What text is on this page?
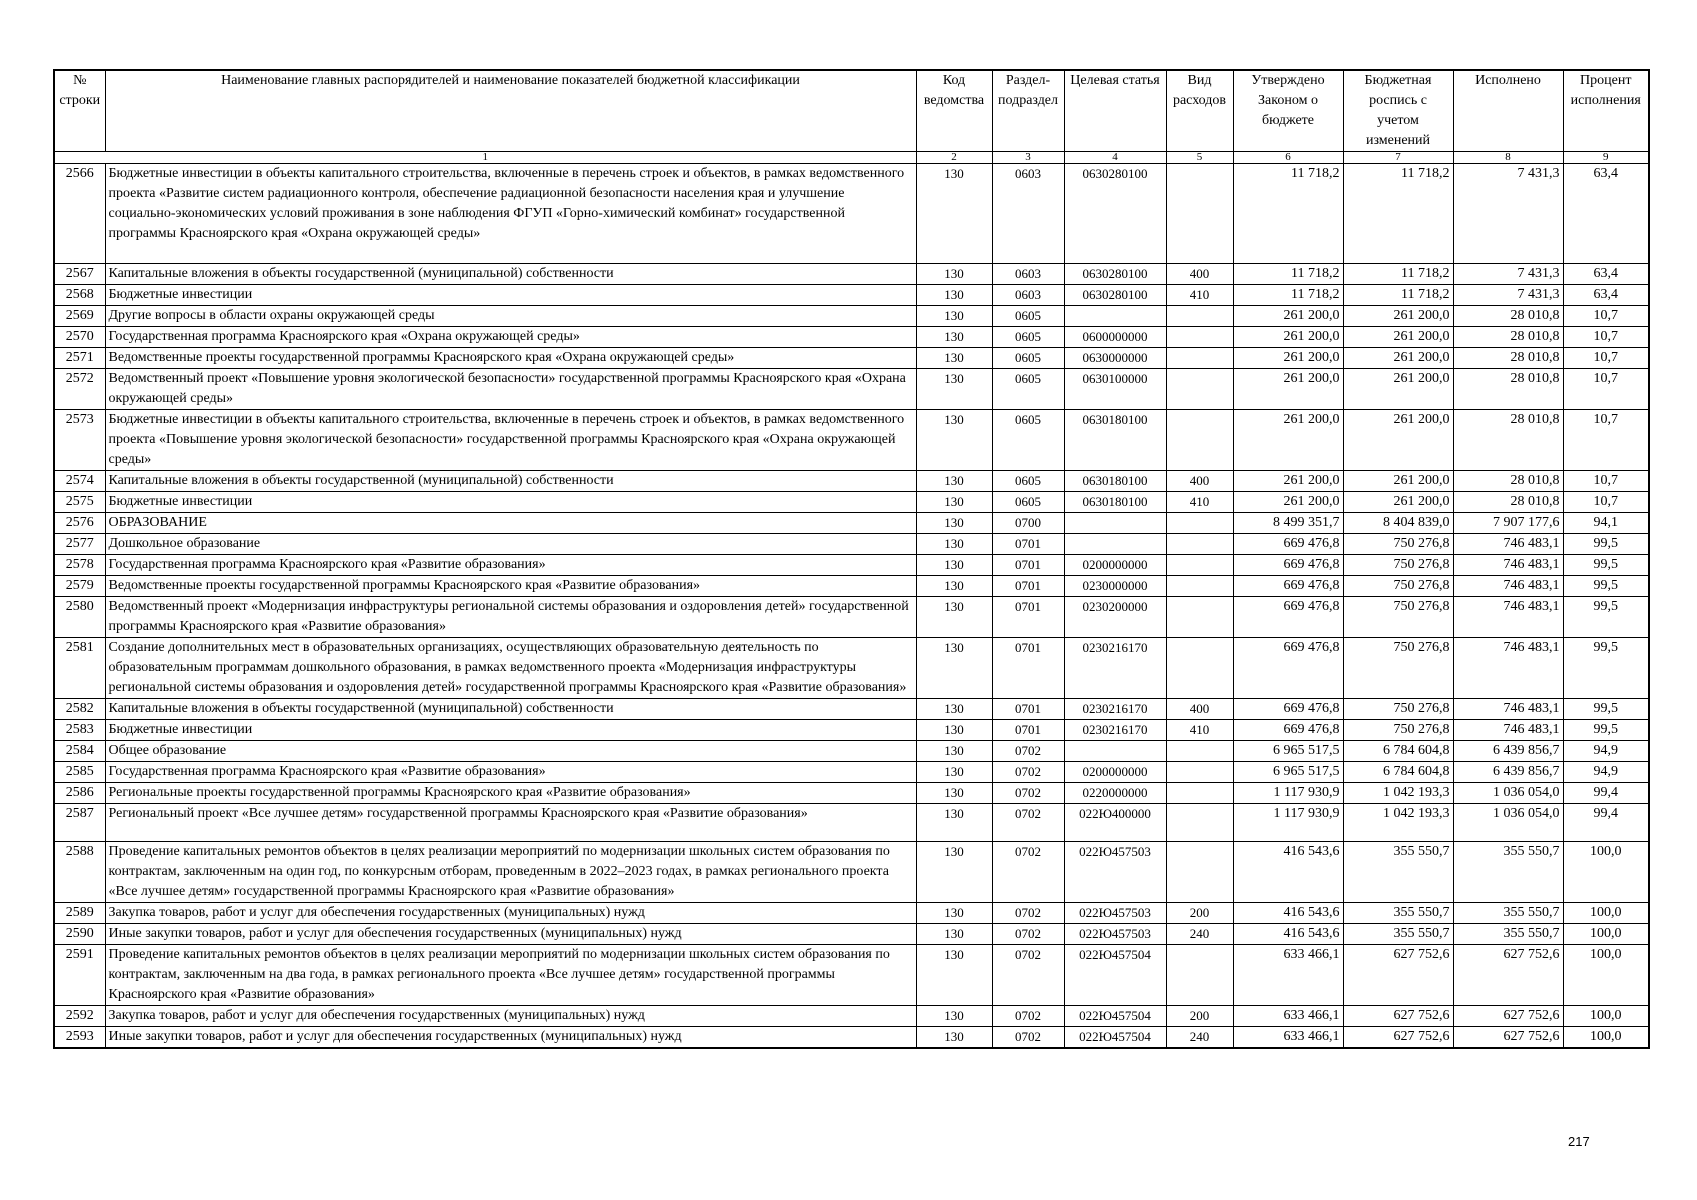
№ строки	Наименование главных распорядителей и наименование показателей бюджетной классификации	Код ведомства	Раздел-подраздел	Целевая статья	Вид расходов	Утверждено Законом о бюджете	Бюджетная роспись с учетом изменений	Исполнено	Процент исполнения
1		2	3	4	5	6	7	8	9
2566	Бюджетные инвестиции в объекты капитального строительства, включенные в перечень строек и объектов, в рамках ведомственного проекта «Развитие систем радиационного контроля, обеспечение радиационной безопасности населения края и улучшение социально-экономических условий проживания в зоне наблюдения ФГУП «Горно-химический комбинат» государственной программы Красноярского края «Охрана окружающей среды»	130	0603	0630280100		11 718,2	11 718,2	7 431,3	63,4
2567	Капитальные вложения в объекты государственной (муниципальной) собственности	130	0603	0630280100	400	11 718,2	11 718,2	7 431,3	63,4
2568	Бюджетные инвестиции	130	0603	0630280100	410	11 718,2	11 718,2	7 431,3	63,4
2569	Другие вопросы в области охраны окружающей среды	130	0605			261 200,0	261 200,0	28 010,8	10,7
2570	Государственная программа Красноярского края «Охрана окружающей среды»	130	0605	0600000000		261 200,0	261 200,0	28 010,8	10,7
2571	Ведомственные проекты государственной программы Красноярского края «Охрана окружающей среды»	130	0605	0630000000		261 200,0	261 200,0	28 010,8	10,7
2572	Ведомственный проект «Повышение уровня экологической безопасности» государственной программы Красноярского края «Охрана окружающей среды»	130	0605	0630100000		261 200,0	261 200,0	28 010,8	10,7
2573	Бюджетные инвестиции в объекты капитального строительства, включенные в перечень строек и объектов, в рамках ведомственного проекта «Повышение уровня экологической безопасности» государственной программы Красноярского края «Охрана окружающей среды»	130	0605	0630180100		261 200,0	261 200,0	28 010,8	10,7
2574	Капитальные вложения в объекты государственной (муниципальной) собственности	130	0605	0630180100	400	261 200,0	261 200,0	28 010,8	10,7
2575	Бюджетные инвестиции	130	0605	0630180100	410	261 200,0	261 200,0	28 010,8	10,7
2576	ОБРАЗОВАНИЕ	130	0700			8 499 351,7	8 404 839,0	7 907 177,6	94,1
2577	Дошкольное образование	130	0701			669 476,8	750 276,8	746 483,1	99,5
2578	Государственная программа Красноярского края «Развитие образования»	130	0701	0200000000		669 476,8	750 276,8	746 483,1	99,5
2579	Ведомственные проекты государственной программы Красноярского края «Развитие образования»	130	0701	0230000000		669 476,8	750 276,8	746 483,1	99,5
2580	Ведомственный проект «Модернизация инфраструктуры региональной системы образования и оздоровления детей» государственной программы Красноярского края «Развитие образования»	130	0701	0230200000		669 476,8	750 276,8	746 483,1	99,5
2581	Создание дополнительных мест в образовательных организациях, осуществляющих образовательную деятельность по образовательным программам дошкольного образования, в рамках ведомственного проекта «Модернизация инфраструктуры региональной системы образования и оздоровления детей» государственной программы Красноярского края «Развитие образования»	130	0701	0230216170		669 476,8	750 276,8	746 483,1	99,5
2582	Капитальные вложения в объекты государственной (муниципальной) собственности	130	0701	0230216170	400	669 476,8	750 276,8	746 483,1	99,5
2583	Бюджетные инвестиции	130	0701	0230216170	410	669 476,8	750 276,8	746 483,1	99,5
2584	Общее образование	130	0702			6 965 517,5	6 784 604,8	6 439 856,7	94,9
2585	Государственная программа Красноярского края «Развитие образования»	130	0702	0200000000		6 965 517,5	6 784 604,8	6 439 856,7	94,9
2586	Региональные проекты государственной программы Красноярского края «Развитие образования»	130	0702	0220000000		1 117 930,9	1 042 193,3	1 036 054,0	99,4
2587	Региональный проект «Все лучшее детям» государственной программы Красноярского края «Развитие образования»	130	0702	022Ю400000		1 117 930,9	1 042 193,3	1 036 054,0	99,4
2588	Проведение капитальных ремонтов объектов в целях реализации мероприятий по модернизации школьных систем образования по контрактам, заключенным на один год, по конкурсным отборам, проведенным в 2022–2023 годах, в рамках регионального проекта «Все лучшее детям» государственной программы Красноярского края «Развитие образования»	130	0702	022Ю457503		416 543,6	355 550,7	355 550,7	100,0
2589	Закупка товаров, работ и услуг для обеспечения государственных (муниципальных) нужд	130	0702	022Ю457503	200	416 543,6	355 550,7	355 550,7	100,0
2590	Иные закупки товаров, работ и услуг для обеспечения государственных (муниципальных) нужд	130	0702	022Ю457503	240	416 543,6	355 550,7	355 550,7	100,0
2591	Проведение капитальных ремонтов объектов в целях реализации мероприятий по модернизации школьных систем образования по контрактам, заключенным на два года, в рамках регионального проекта «Все лучшее детям» государственной программы Красноярского края «Развитие образования»	130	0702	022Ю457504		633 466,1	627 752,6	627 752,6	100,0
2592	Закупка товаров, работ и услуг для обеспечения государственных (муниципальных) нужд	130	0702	022Ю457504	200	633 466,1	627 752,6	627 752,6	100,0
2593	Иные закупки товаров, работ и услуг для обеспечения государственных (муниципальных) нужд	130	0702	022Ю457504	240	633 466,1	627 752,6	627 752,6	100,0
217
